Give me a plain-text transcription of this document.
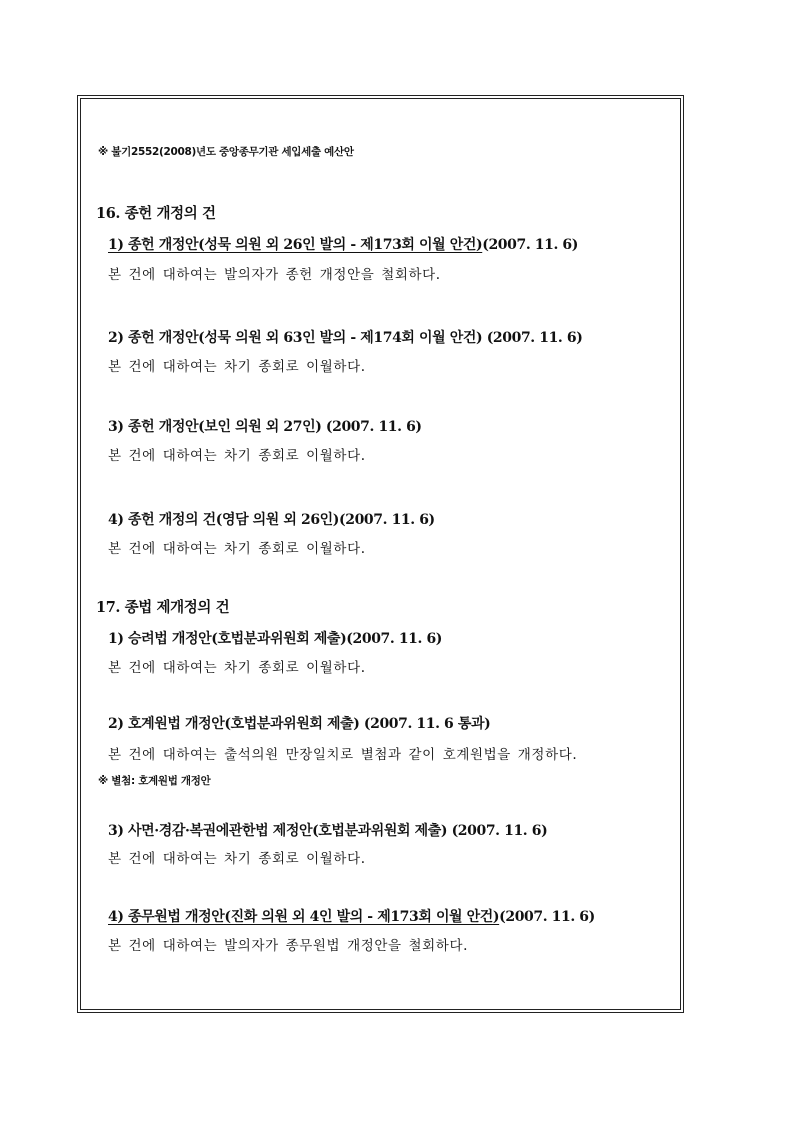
※ 불기2552(2008)년도 중앙종무기관 세입세출 예산안
16. 종헌 개정의 건
1) 종헌 개정안(성묵 의원 외 26인 발의 - 제173회 이월 안건)(2007. 11. 6)
본 건에 대하여는 발의자가 종헌 개정안을 철회하다.
2) 종헌 개정안(성묵 의원 외 63인 발의 - 제174회 이월 안건) (2007. 11. 6)
본 건에 대하여는 차기 종회로 이월하다.
3) 종헌 개정안(보인 의원 외 27인) (2007. 11. 6)
본 건에 대하여는 차기 종회로 이월하다.
4) 종헌 개정의 건(영담 의원 외 26인)(2007. 11. 6)
본 건에 대하여는 차기 종회로 이월하다.
17. 종법 제개정의 건
1) 승려법 개정안(호법분과위원회 제출)(2007. 11. 6)
본 건에 대하여는 차기 종회로 이월하다.
2) 호계원법 개정안(호법분과위원회 제출) (2007. 11. 6 통과)
본 건에 대하여는 출석의원 만장일치로 별첨과 같이 호계원법을 개정하다.
※ 별첨: 호계원법 개정안
3) 사면·경감·복권에관한법 제정안(호법분과위원회 제출) (2007. 11. 6)
본 건에 대하여는 차기 종회로 이월하다.
4) 종무원법 개정안(진화 의원 외 4인 발의 - 제173회 이월 안건)(2007. 11. 6)
본 건에 대하여는 발의자가 종무원법 개정안을 철회하다.
